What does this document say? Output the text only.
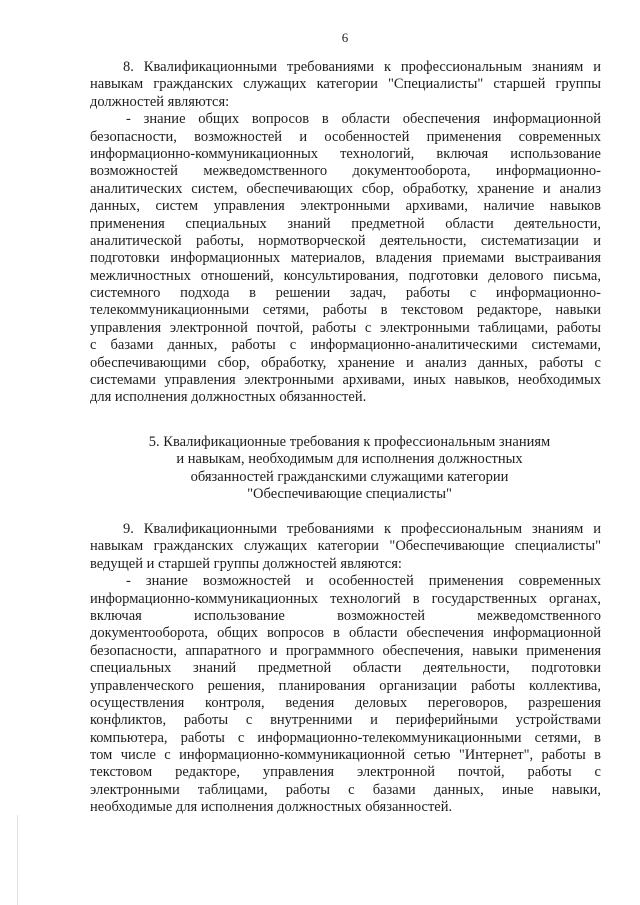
6
8. Квалификационными требованиями к профессиональным знаниям и
навыкам гражданских служащих категории "Специалисты" старшей группы
должностей являются:
- знание общих вопросов в области обеспечения информационной
безопасности, возможностей и особенностей применения современных
информационно-коммуникационных технологий, включая использование
возможностей межведомственного документооборота, информационно-
аналитических систем, обеспечивающих сбор, обработку, хранение и анализ
данных, систем управления электронными архивами, наличие навыков
применения специальных знаний предметной области деятельности,
аналитической работы, нормотворческой деятельности, систематизации и
подготовки информационных материалов, владения приемами выстраивания
межличностных отношений, консультирования, подготовки делового письма,
системного подхода в решении задач, работы с информационно-
телекоммуникационными сетями, работы в текстовом редакторе, навыки
управления электронной почтой, работы с электронными таблицами, работы
с базами данных, работы с информационно-аналитическими системами,
обеспечивающими сбор, обработку, хранение и анализ данных, работы с
системами управления электронными архивами, иных навыков, необходимых
для исполнения должностных обязанностей.
5. Квалификационные требования к профессиональным знаниям
и навыкам, необходимым для исполнения должностных
обязанностей гражданскими служащими категории
"Обеспечивающие специалисты"
9. Квалификационными требованиями к профессиональным знаниям и
навыкам гражданских служащих категории "Обеспечивающие специалисты"
ведущей и старшей группы должностей являются:
- знание возможностей и особенностей применения современных
информационно-коммуникационных технологий в государственных органах,
включая использование возможностей межведомственного
документооборота, общих вопросов в области обеспечения информационной
безопасности, аппаратного и программного обеспечения, навыки применения
специальных знаний предметной области деятельности, подготовки
управленческого решения, планирования организации работы коллектива,
осуществления контроля, ведения деловых переговоров, разрешения
конфликтов, работы с внутренними и периферийными устройствами
компьютера, работы с информационно-телекоммуникационными сетями, в
том числе с информационно-коммуникационной сетью "Интернет", работы в
текстовом редакторе, управления электронной почтой, работы с
электронными таблицами, работы с базами данных, иные навыки,
необходимые для исполнения должностных обязанностей.
